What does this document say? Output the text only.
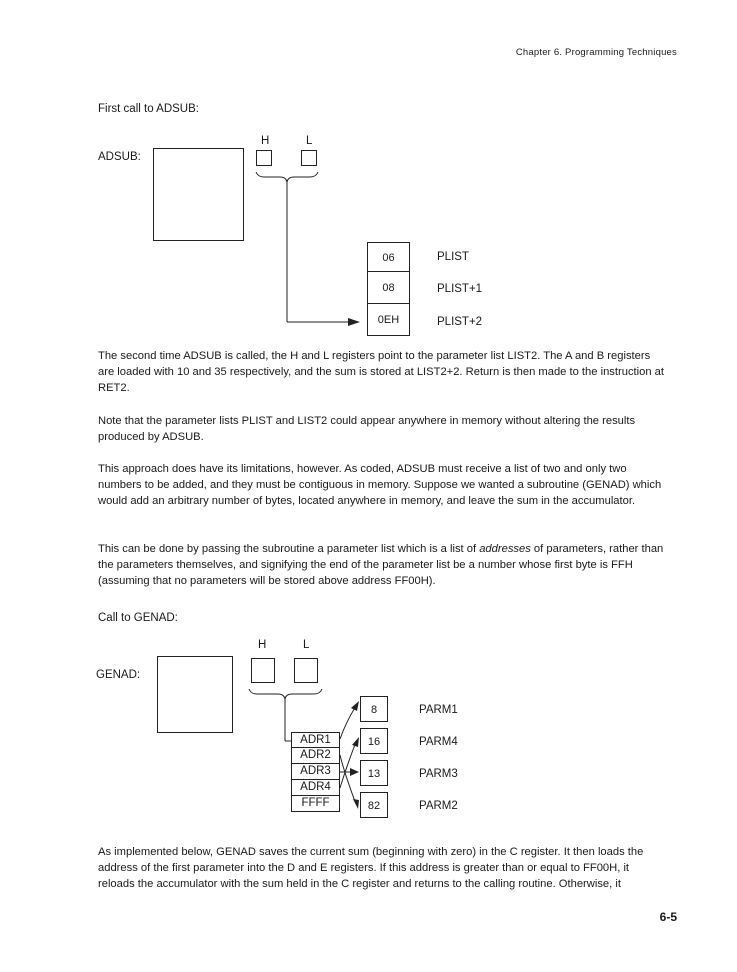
Chapter 6. Programming Techniques
First call to ADSUB:
ADSUB:
H	L
06
08
0EH
PLIST
PLIST+1
PLIST+2
The second time ADSUB is called, the H and L registers point to the parameter list LIST2. The A and B registers are loaded with 10 and 35 respectively, and the sum is stored at LIST2+2. Return is then made to the instruction at RET2.
Note that the parameter lists PLIST and LIST2 could appear anywhere in memory without altering the results produced by ADSUB.
This approach does have its limitations, however. As coded, ADSUB must receive a list of two and only two numbers to be added, and they must be contiguous in memory. Suppose we wanted a subroutine (GENAD) which would add an arbitrary number of bytes, located anywhere in memory, and leave the sum in the accumulator.
This can be done by passing the subroutine a parameter list which is a list of addresses of parameters, rather than the parameters themselves, and signifying the end of the parameter list be a number whose first byte is FFH (assuming that no parameters will be stored above address FF00H).
Call to GENAD:
GENAD:
H	L
ADR1
ADR2
ADR3
ADR4
FFFF
8
16
13
82
PARM1
PARM4
PARM3
PARM2
As implemented below, GENAD saves the current sum (beginning with zero) in the C register. It then loads the address of the first parameter into the D and E registers. If this address is greater than or equal to FF00H, it reloads the accumulator with the sum held in the C register and returns to the calling routine. Otherwise, it
6-5
